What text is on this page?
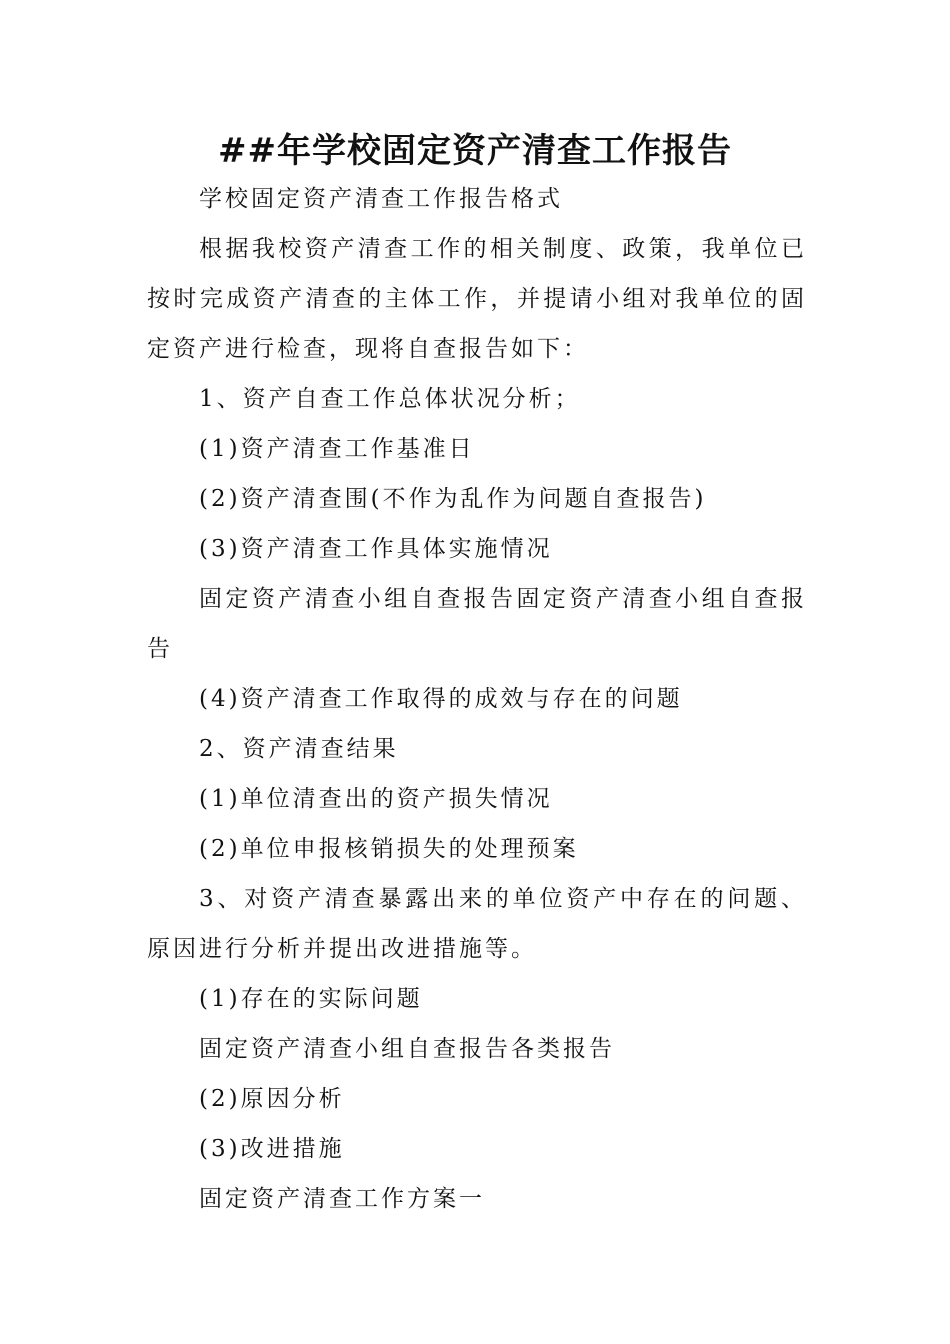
##年学校固定资产清查工作报告

学校固定资产清查工作报告格式

根据我校资产清查工作的相关制度、政策，我单位已按时完成资产清查的主体工作，并提请小组对我单位的固定资产进行检查，现将自查报告如下：

1、资产自查工作总体状况分析；

(1)资产清查工作基准日

(2)资产清查围(不作为乱作为问题自查报告)

(3)资产清查工作具体实施情况

固定资产清查小组自查报告固定资产清查小组自查报告

(4)资产清查工作取得的成效与存在的问题

2、资产清查结果

(1)单位清查出的资产损失情况

(2)单位申报核销损失的处理预案

3、对资产清查暴露出来的单位资产中存在的问题、原因进行分析并提出改进措施等。

(1)存在的实际问题

固定资产清查小组自查报告各类报告

(2)原因分析

(3)改进措施

固定资产清查工作方案一
